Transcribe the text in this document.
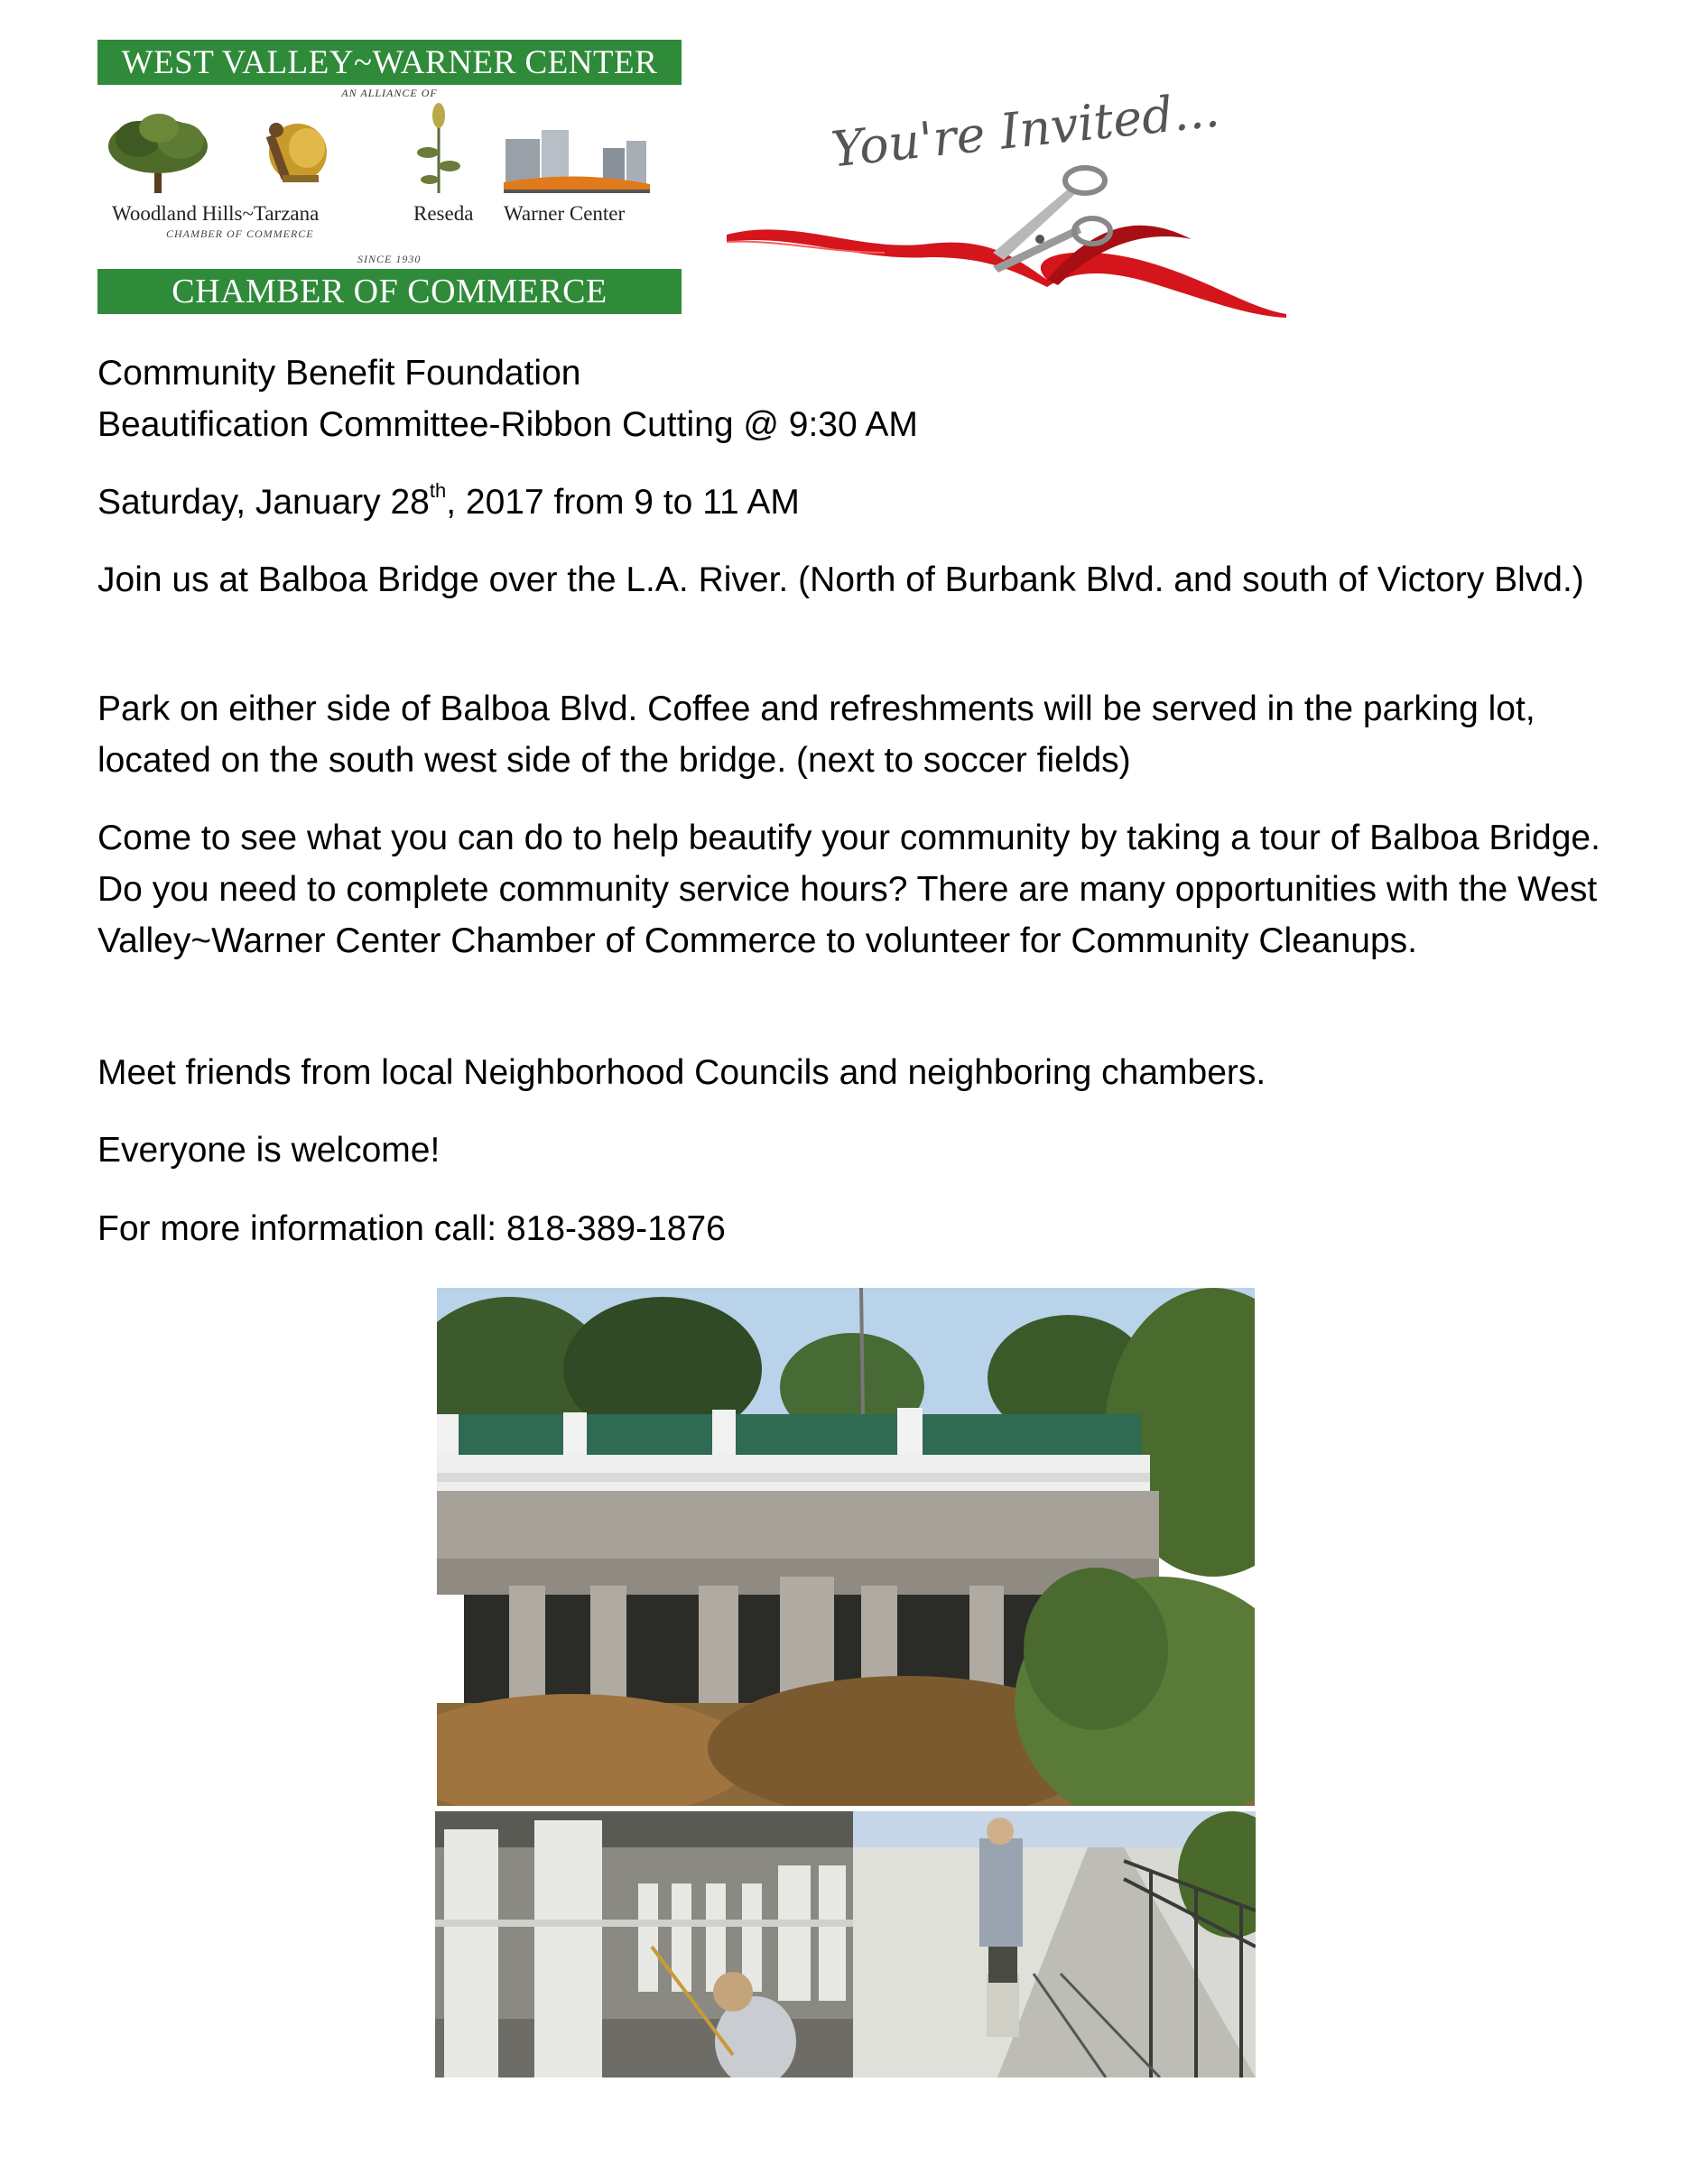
WEST VALLEY~WARNER CENTER
AN ALLIANCE OF
Woodland Hills~Tarzana	Reseda Warner Center
CHAMBER OF COMMERCE
SINCE 1930
CHAMBER OF COMMERCE
You're Invited...

Community Benefit Foundation

Beautification Committee-Ribbon Cutting @ 9:30 AM

Saturday, January 28th, 2017 from 9 to 11 AM

Join us at Balboa Bridge over the L.A. River. (North of Burbank Blvd. and south of Victory Blvd.)
Park on either side of Balboa Blvd. Coffee and refreshments will be served in the parking lot, located on the south west side of the bridge. (next to soccer fields)
Come to see what you can do to help beautify your community by taking a tour of Balboa Bridge. Do you need to complete community service hours? There are many opportunities with the West Valley~Warner Center Chamber of Commerce to volunteer for Community Cleanups.
Meet friends from local Neighborhood Councils and neighboring chambers.
Everyone is welcome!
For more information call: 818-389-1876
